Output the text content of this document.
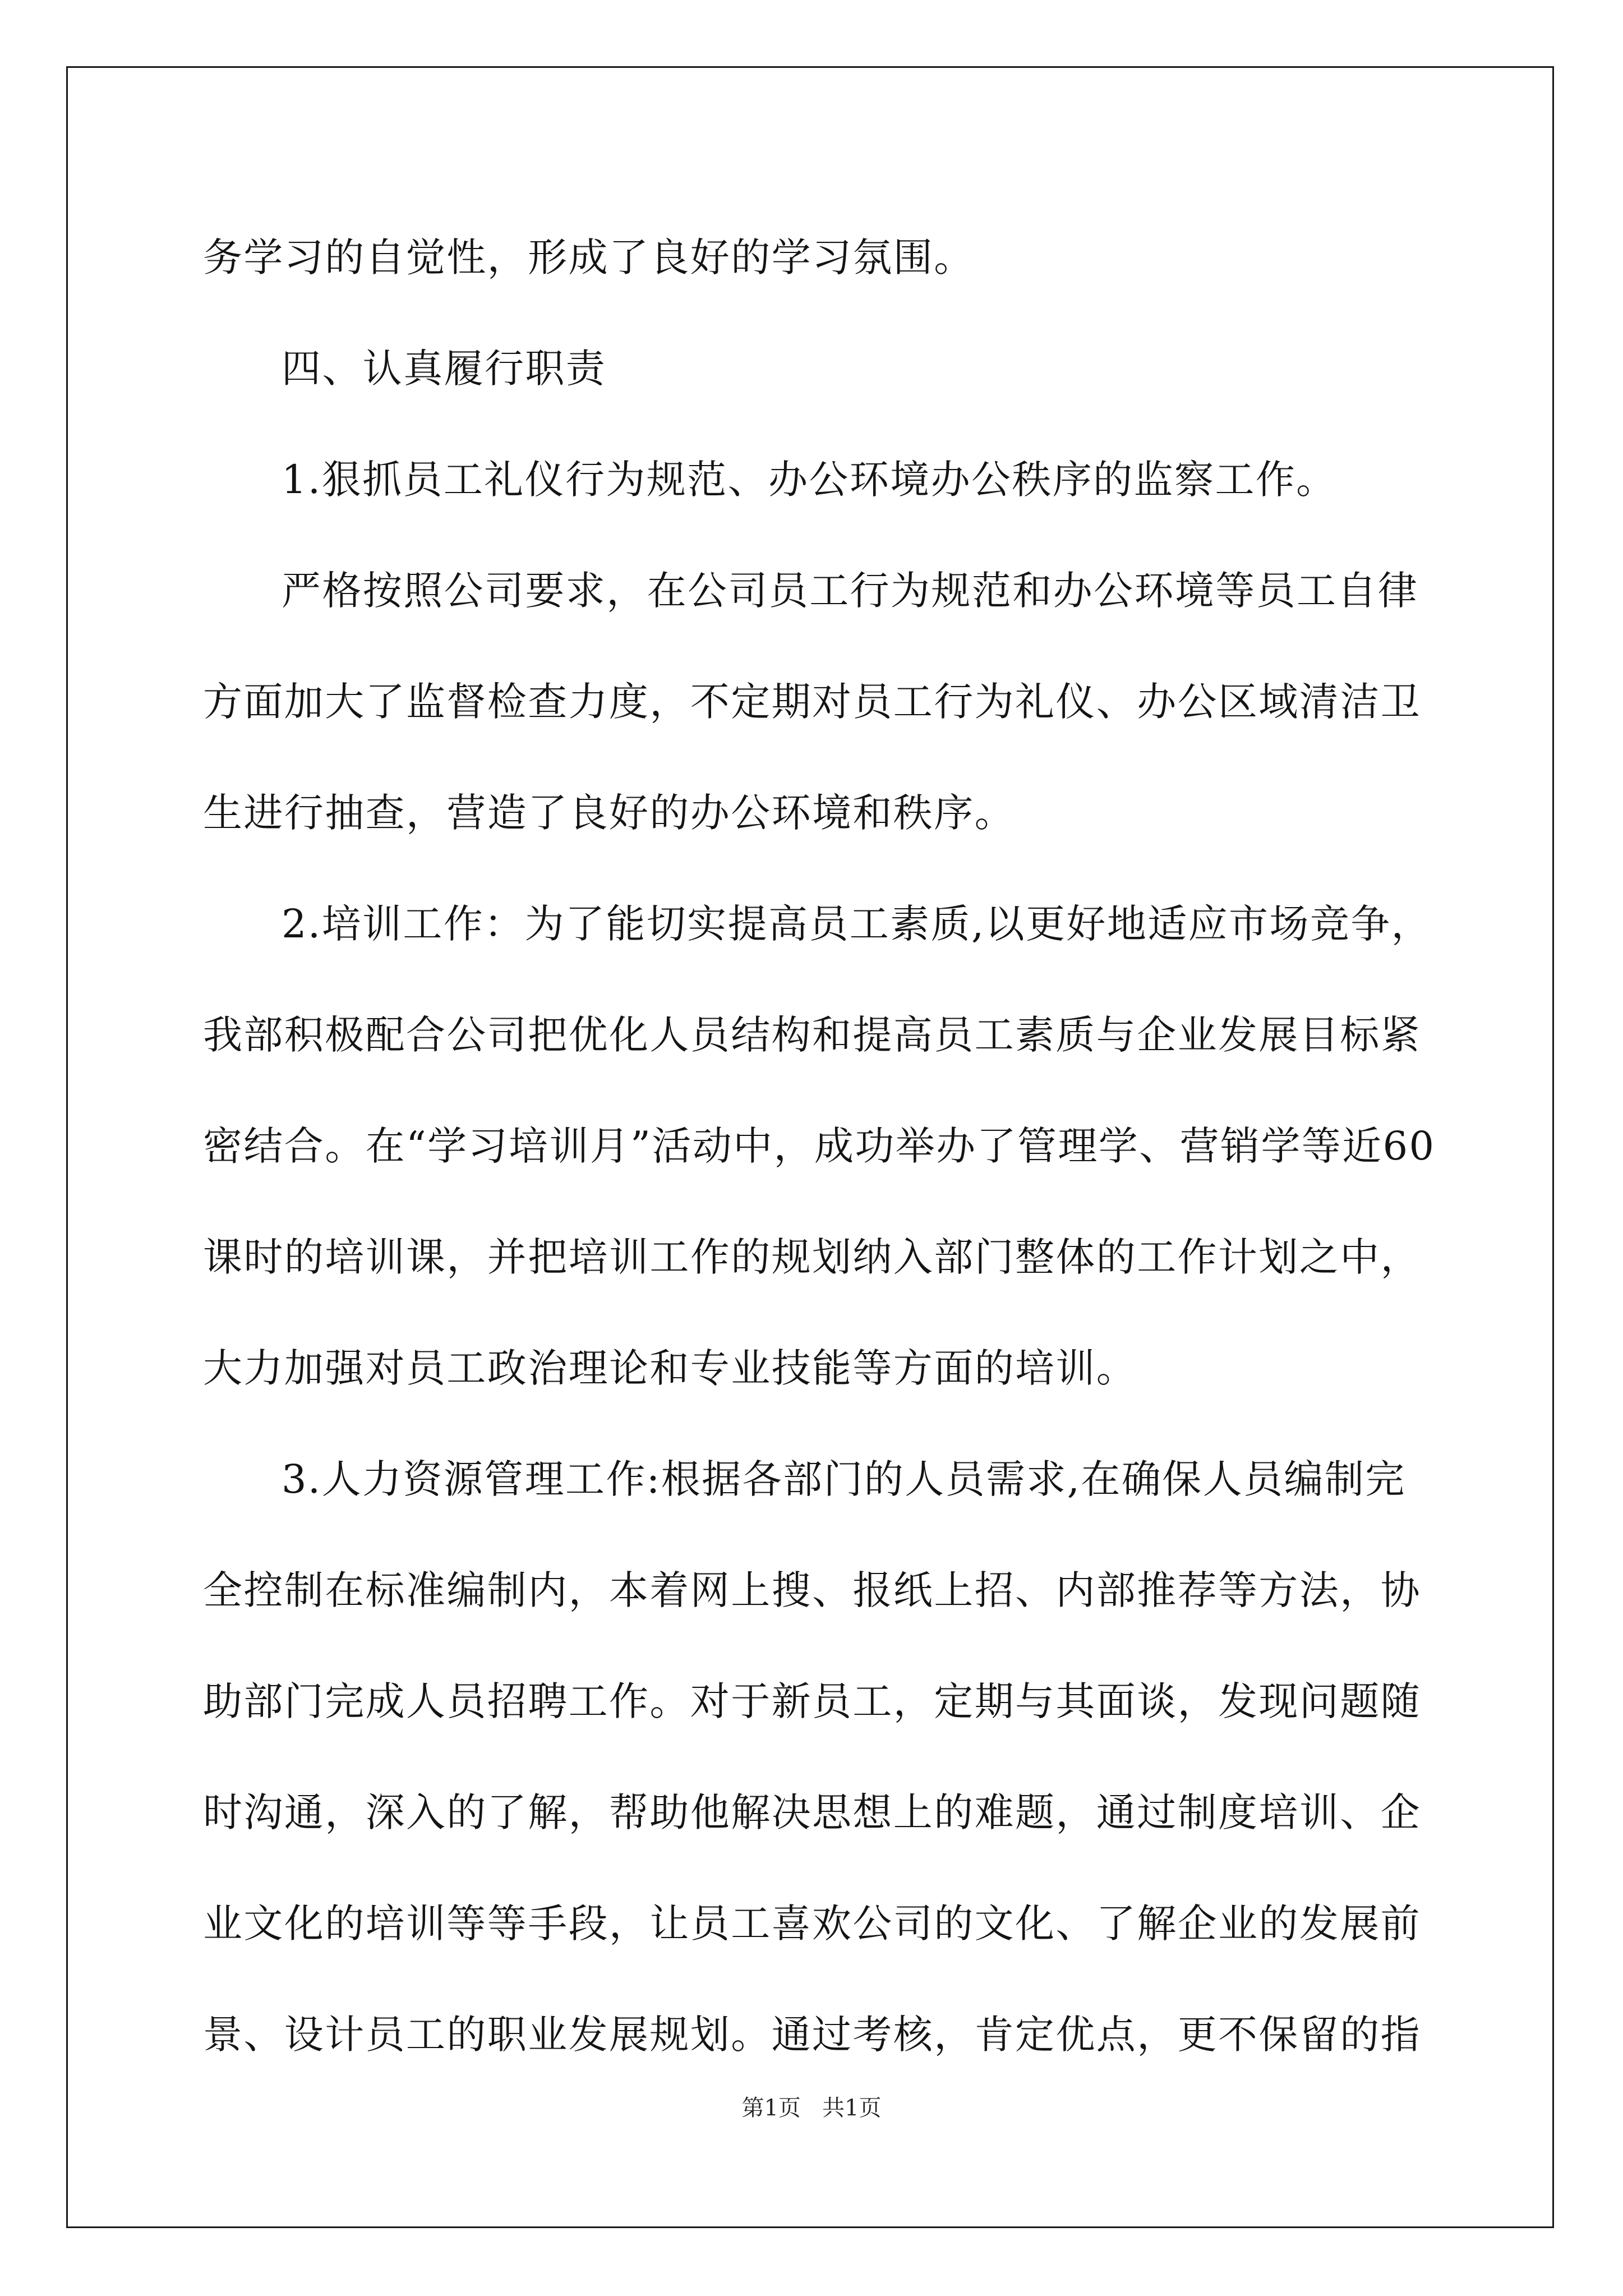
务学习的自觉性，形成了良好的学习氛围。
四、认真履行职责
1.狠抓员工礼仪行为规范、办公环境办公秩序的监察工作。
严格按照公司要求，在公司员工行为规范和办公环境等员工自律
方面加大了监督检查力度，不定期对员工行为礼仪、办公区域清洁卫
生进行抽查，营造了良好的办公环境和秩序。
2.培训工作：为了能切实提高员工素质,以更好地适应市场竞争，
我部积极配合公司把优化人员结构和提高员工素质与企业发展目标紧
密结合。在“学习培训月”活动中，成功举办了管理学、营销学等近60
课时的培训课，并把培训工作的规划纳入部门整体的工作计划之中，
大力加强对员工政治理论和专业技能等方面的培训。
3.人力资源管理工作:根据各部门的人员需求,在确保人员编制完
全控制在标准编制内，本着网上搜、报纸上招、内部推荐等方法，协
助部门完成人员招聘工作。对于新员工，定期与其面谈，发现问题随
时沟通，深入的了解，帮助他解决思想上的难题，通过制度培训、企
业文化的培训等等手段，让员工喜欢公司的文化、了解企业的发展前
景、设计员工的职业发展规划。通过考核，肯定优点，更不保留的指
第1页   共1页
